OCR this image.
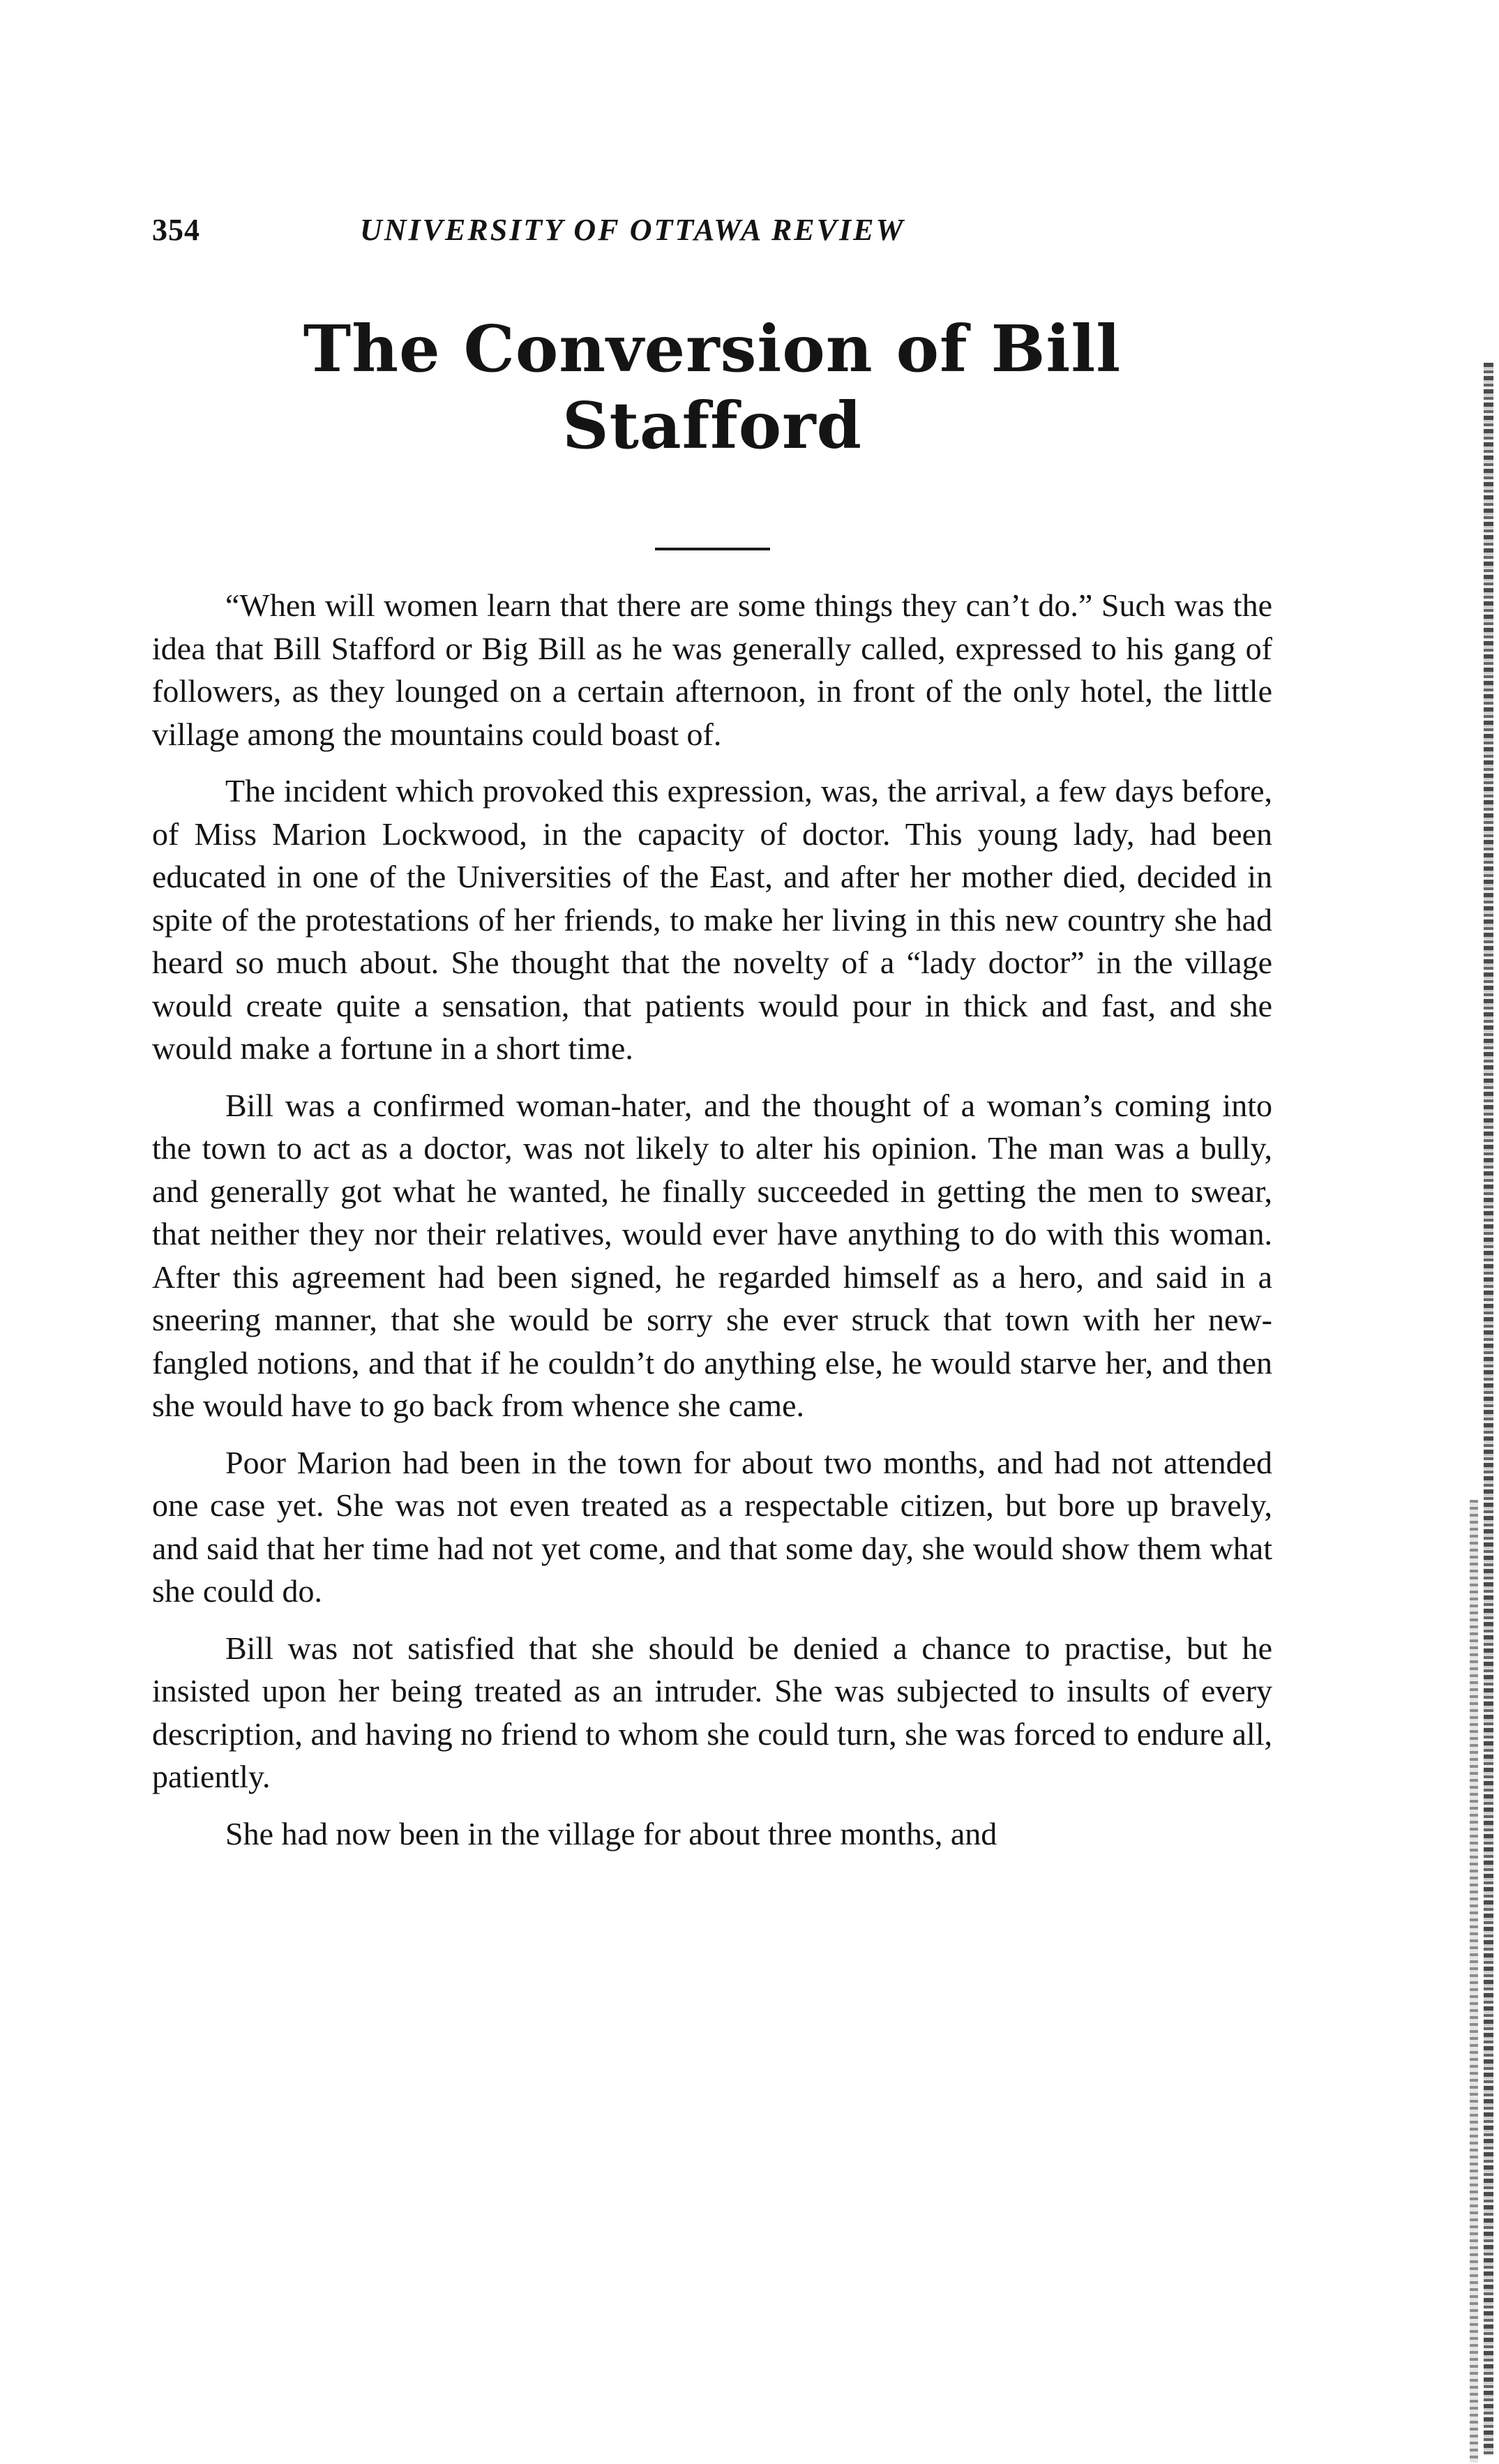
354	UNIVERSITY OF OTTAWA REVIEW
The Conversion of Bill Stafford

“When will women learn that there are some things they can’t do.” Such was the idea that Bill Stafford or Big Bill as he was generally called, expressed to his gang of followers, as they lounged on a certain afternoon, in front of the only hotel, the little village among the mountains could boast of.

The incident which provoked this expression, was, the arrival, a few days before, of Miss Marion Lockwood, in the capacity of doctor. This young lady, had been educated in one of the Universities of the East, and after her mother died, decided in spite of the protestations of her friends, to make her living in this new country she had heard so much about. She thought that the novelty of a “lady doctor” in the village would create quite a sensation, that patients would pour in thick and fast, and she would make a fortune in a short time.

Bill was a confirmed woman-hater, and the thought of a woman’s coming into the town to act as a doctor, was not likely to alter his opinion. The man was a bully, and generally got what he wanted, he finally succeeded in getting the men to swear, that neither they nor their relatives, would ever have anything to do with this woman. After this agreement had been signed, he regarded himself as a hero, and said in a sneering manner, that she would be sorry she ever struck that town with her new-fangled notions, and that if he couldn’t do anything else, he would starve her, and then she would have to go back from whence she came.

Poor Marion had been in the town for about two months, and had not attended one case yet. She was not even treated as a respectable citizen, but bore up bravely, and said that her time had not yet come, and that some day, she would show them what she could do.

Bill was not satisfied that she should be denied a chance to practise, but he insisted upon her being treated as an intruder. She was subjected to insults of every description, and having no friend to whom she could turn, she was forced to endure all, patiently.

She had now been in the village for about three months, and
